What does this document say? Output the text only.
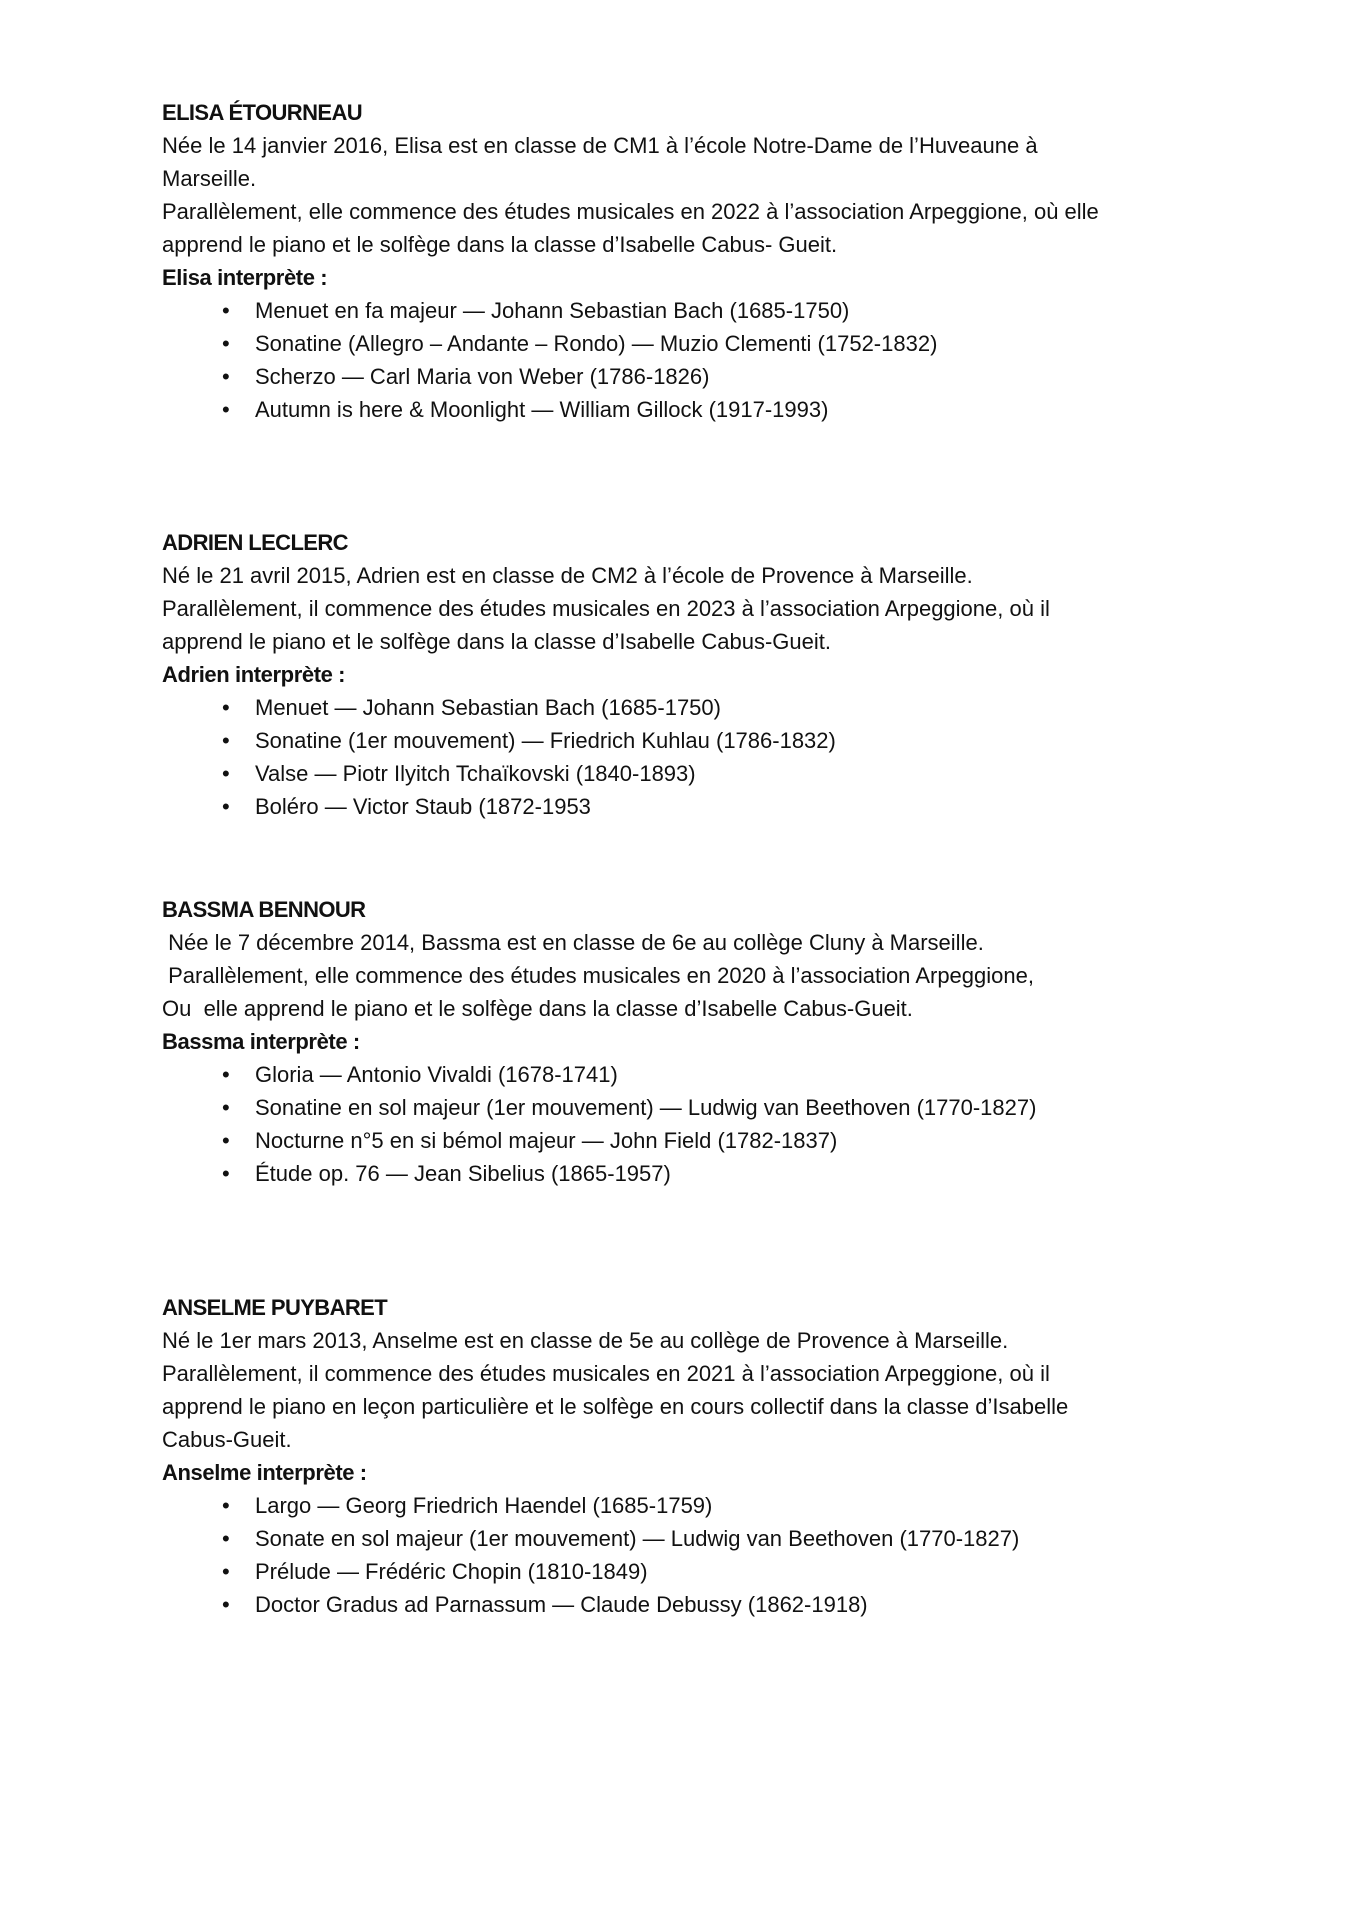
ELISA ÉTOURNEAU

Née le 14 janvier 2016, Elisa est en classe de CM1 à l’école Notre-Dame de l’Huveaune à

Marseille.

Parallèlement, elle commence des études musicales en 2022 à l’association Arpeggione, où elle

apprend le piano et le solfège dans la classe d’Isabelle Cabus- Gueit.

Elisa interprète :

• Menuet en fa majeur — Johann Sebastian Bach (1685-1750)
• Sonatine (Allegro – Andante – Rondo) — Muzio Clementi (1752-1832)
• Scherzo — Carl Maria von Weber (1786-1826)
• Autumn is here & Moonlight — William Gillock (1917-1993)

ADRIEN LECLERC

Né le 21 avril 2015, Adrien est en classe de CM2 à l’école de Provence à Marseille.

Parallèlement, il commence des études musicales en 2023 à l’association Arpeggione, où il

apprend le piano et le solfège dans la classe d’Isabelle Cabus-Gueit.

Adrien interprète :

• Menuet — Johann Sebastian Bach (1685-1750)
• Sonatine (1er mouvement) — Friedrich Kuhlau (1786-1832)
• Valse — Piotr Ilyitch Tchaïkovski (1840-1893)
• Boléro — Victor Staub (1872-1953

BASSMA BENNOUR

Née le 7 décembre 2014, Bassma est en classe de 6e au collège Cluny à Marseille.

Parallèlement, elle commence des études musicales en 2020 à l’association Arpeggione,

Ou  elle apprend le piano et le solfège dans la classe d’Isabelle Cabus-Gueit.

Bassma interprète :

• Gloria — Antonio Vivaldi (1678-1741)
• Sonatine en sol majeur (1er mouvement) — Ludwig van Beethoven (1770-1827)
• Nocturne n°5 en si bémol majeur — John Field (1782-1837)
• Étude op. 76 — Jean Sibelius (1865-1957)

ANSELME PUYBARET

Né le 1er mars 2013, Anselme est en classe de 5e au collège de Provence à Marseille.

Parallèlement, il commence des études musicales en 2021 à l’association Arpeggione, où il

apprend le piano en leçon particulière et le solfège en cours collectif dans la classe d’Isabelle

Cabus-Gueit.

Anselme interprète :

• Largo — Georg Friedrich Haendel (1685-1759)
• Sonate en sol majeur (1er mouvement) — Ludwig van Beethoven (1770-1827)
• Prélude — Frédéric Chopin (1810-1849)
• Doctor Gradus ad Parnassum — Claude Debussy (1862-1918)
